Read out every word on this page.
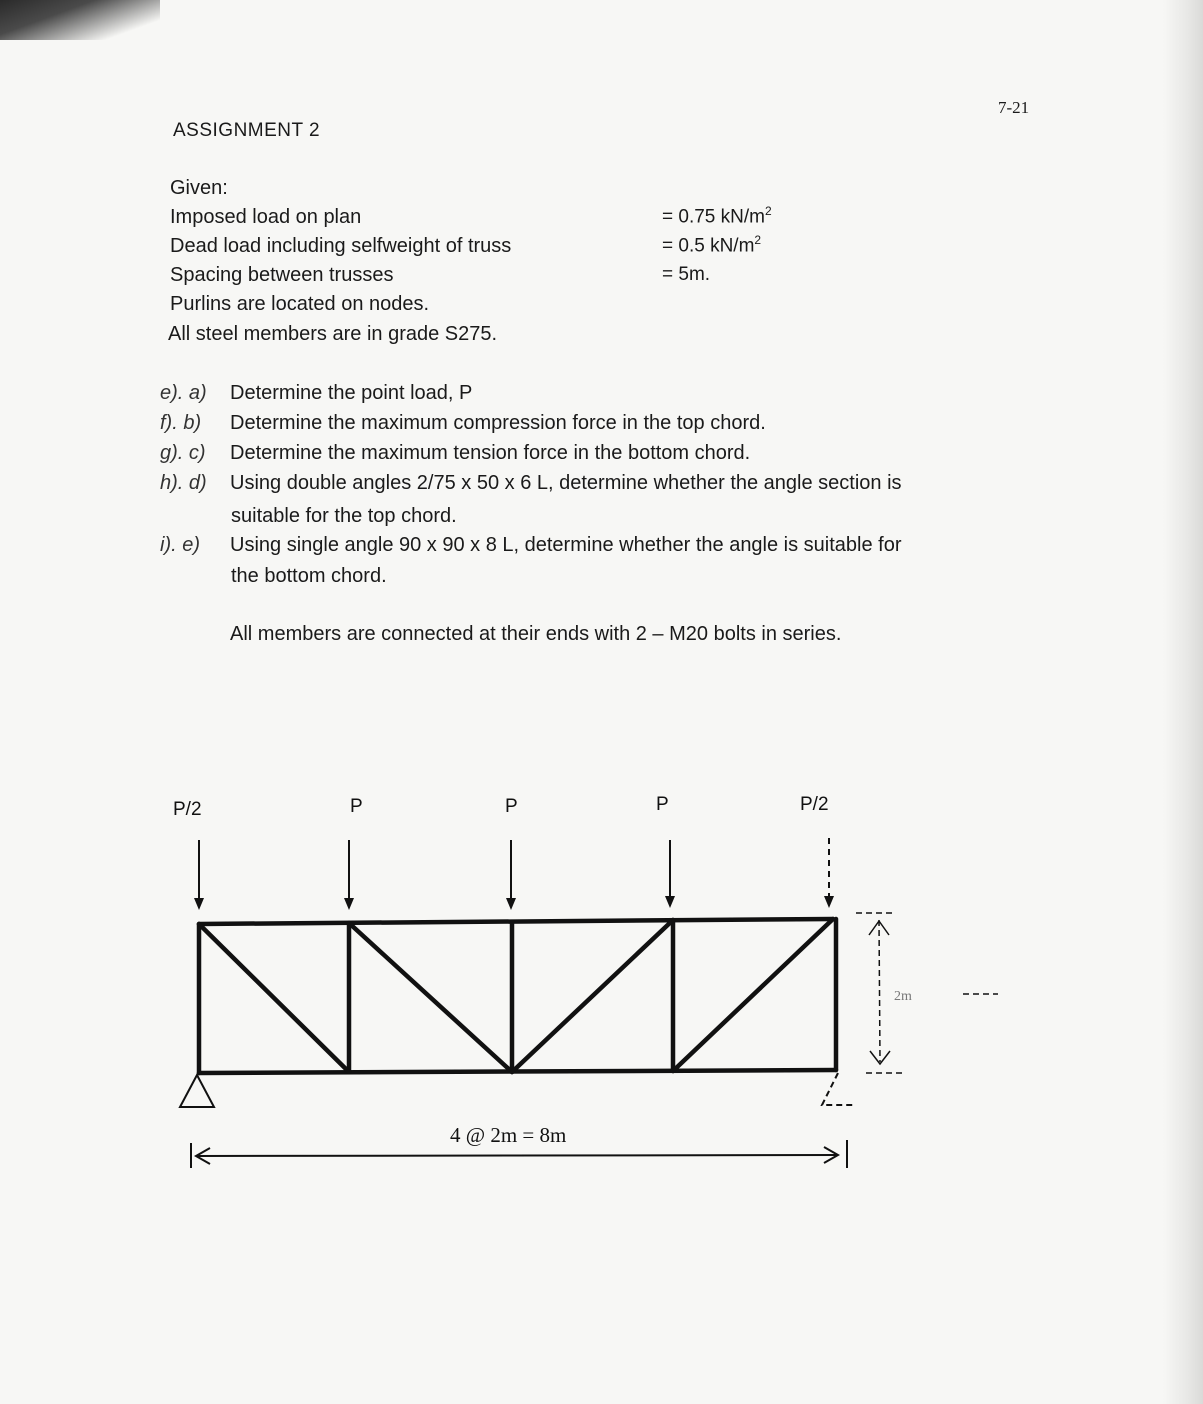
7-21
ASSIGNMENT 2
Given:
Imposed load on plan	= 0.75 $kN/m^2$
Dead load including selfweight of truss	= 0.5 $kN/m^2$
Spacing between trusses	= 5m.
Purlins are located on nodes.
All steel members are in grade S275.
e). a) Determine the point load, P
f). b) Determine the maximum compression force in the top chord.
g). c) Determine the maximum tension force in the bottom chord.
h). d) Using double angles 2/75 x 50 x 6 L, determine whether the angle section is
suitable for the top chord.
i). e) Using single angle 90 x 90 x 8 L, determine whether the angle is suitable for
the bottom chord.
All members are connected at their ends with 2 – M20 bolts in series.
P/2	P	P	P	P/2
4 @ 2m = 8m
2m
